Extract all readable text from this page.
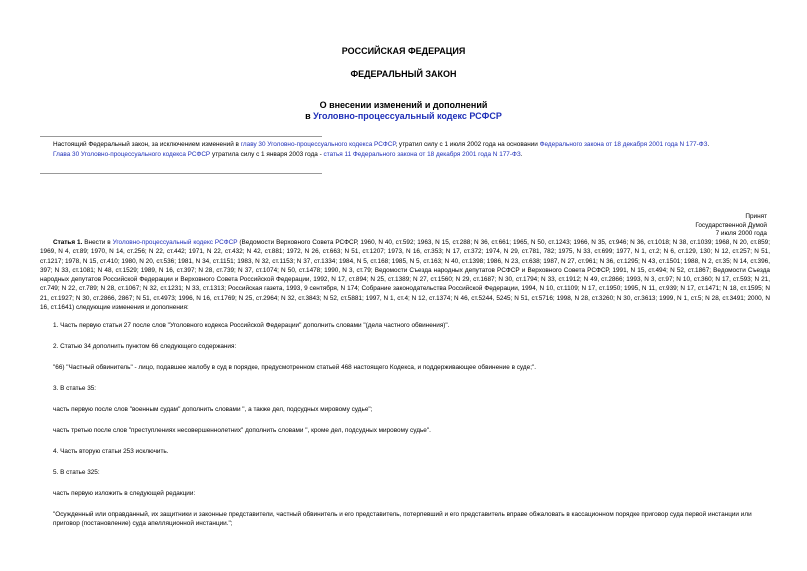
РОССИЙСКАЯ ФЕДЕРАЦИЯ
ФЕДЕРАЛЬНЫЙ ЗАКОН
О внесении изменений и дополнений
в Уголовно-процессуальный кодекс РСФСР

Настоящий Федеральный закон, за исключением изменений в главу 30 Уголовно-процессуального кодекса РСФСР, утратил силу с 1 июля 2002 года на основании Федерального закона от 18 декабря 2001 года N 177-ФЗ.

Глава 30 Уголовно-процессуального кодекса РСФСР утратила силу с 1 января 2003 года - статья 11 Федерального закона от 18 декабря 2001 года N 177-ФЗ.

Принят
Государственной Думой
7 июля 2000 года
Статья 1. Внести в Уголовно-процессуальный кодекс РСФСР (Ведомости Верховного Совета РСФСР, 1960, N 40, ст.592; 1963, N 15, ст.288; N 36, ст.661; 1965, N 50, ст.1243; 1966, N 35, ст.946; N 36, ст.1018; N 38, ст.1039; 1968, N 20, ст.859; 1969, N 4, ст.89; 1970, N 14, ст.256; N 22, ст.442; 1971, N 22, ст.432; N 42, ст.881; 1972, N 26, ст.663; N 51, ст.1207; 1973, N 16, ст.353; N 17, ст.372; 1974, N 29, ст.781, 782; 1975, N 33, ст.699; 1977, N 1, ст.2; N 6, ст.129, 130; N 12, ст.257; N 51, ст.1217; 1978, N 15, ст.410; 1980, N 20, ст.536; 1981, N 34, ст.1151; 1983, N 32, ст.1153; N 37, ст.1334; 1984, N 5, ст.168; 1985, N 5, ст.163; N 40, ст.1398; 1986, N 23, ст.638; 1987, N 27, ст.961; N 36, ст.1295; N 43, ст.1501; 1988, N 2, ст.35; N 14, ст.396, 397; N 33, ст.1081; N 48, ст.1529; 1989, N 16, ст.397; N 28, ст.739; N 37, ст.1074; N 50, ст.1478; 1990, N 3, ст.79; Ведомости Съезда народных депутатов РСФСР и Верховного Совета РСФСР, 1991, N 15, ст.494; N 52, ст.1867; Ведомости Съезда народных депутатов Российской Федерации и Верховного Совета Российской Федерации, 1992, N 17, ст.894; N 25, ст.1389; N 27, ст.1560; N 29, ст.1687; N 30, ст.1794; N 33, ст.1912; N 49, ст.2866; 1993, N 3, ст.97; N 10, ст.360; N 17, ст.593; N 21, ст.749; N 22, ст.789; N 28, ст.1067; N 32, ст.1231; N 33, ст.1313; Российская газета, 1993, 9 сентября, N 174; Собрание законодательства Российской Федерации, 1994, N 10, ст.1109; N 17, ст.1950; 1995, N 11, ст.939; N 17, ст.1471; N 18, ст.1595; N 21, ст.1927; N 30, ст.2866, 2867; N 51, ст.4973; 1996, N 16, ст.1769; N 25, ст.2964; N 32, ст.3843; N 52, ст.5881; 1997, N 1, ст.4; N 12, ст.1374; N 46, ст.5244, 5245; N 51, ст.5716; 1998, N 28, ст.3260; N 30, ст.3613; 1999, N 1, ст.5; N 28, ст.3491; 2000, N 16, ст.1641) следующие изменения и дополнения:
1. Часть первую статьи 27 после слов "Уголовного кодекса Российской Федерации" дополнить словами "(дела частного обвинения)".
2. Статью 34 дополнить пунктом 66 следующего содержания:
"66) "Частный обвинитель" - лицо, подавшее жалобу в суд в порядке, предусмотренном статьей 468 настоящего Кодекса, и поддерживающее обвинение в суде;".
3. В статье 35:
часть первую после слов "военным судам" дополнить словами ", а также дел, подсудных мировому судье";
часть третью после слов "преступлениях несовершеннолетних" дополнить словами ", кроме дел, подсудных мировому судье".
4. Часть вторую статьи 253 исключить.
5. В статье 325:
часть первую изложить в следующей редакции:
"Осужденный или оправданный, их защитники и законные представители, частный обвинитель и его представитель, потерпевший и его представитель вправе обжаловать в кассационном порядке приговор суда первой инстанции или приговор (постановление) суда апелляционной инстанции.";
